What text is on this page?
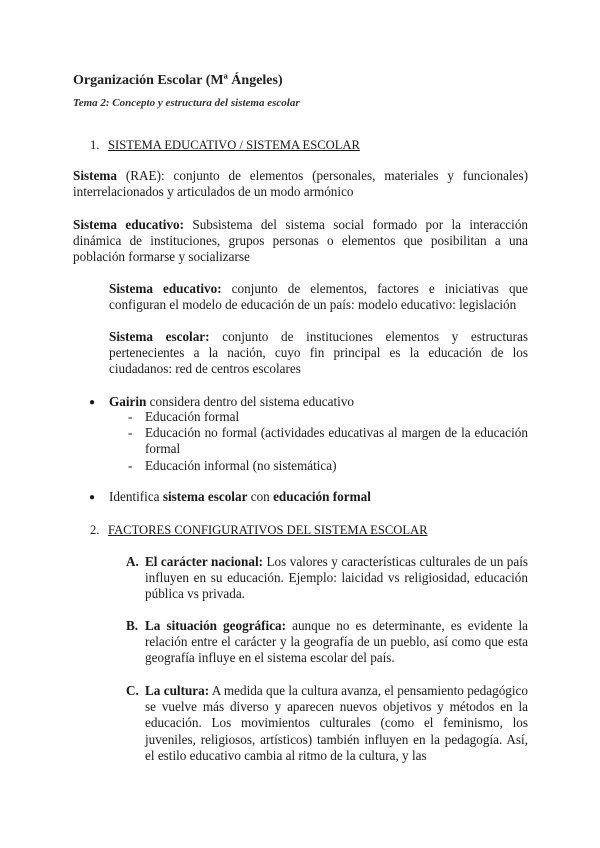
Organización Escolar (Mª Ángeles)
Tema 2: Concepto y estructura del sistema escolar
1. SISTEMA EDUCATIVO / SISTEMA ESCOLAR
Sistema (RAE): conjunto de elementos (personales, materiales y funcionales) interrelacionados y articulados de un modo armónico
Sistema educativo: Subsistema del sistema social formado por la interacción dinámica de instituciones, grupos personas o elementos que posibilitan a una población formarse y socializarse
Sistema educativo: conjunto de elementos, factores e iniciativas que configuran el modelo de educación de un país: modelo educativo: legislación
Sistema escolar: conjunto de instituciones elementos y estructuras pertenecientes a la nación, cuyo fin principal es la educación de los ciudadanos: red de centros escolares
● Gairin considera dentro del sistema educativo
- Educación formal
- Educación no formal (actividades educativas al margen de la educación formal
- Educación informal (no sistemática)
● Identifica sistema escolar con educación formal
2. FACTORES CONFIGURATIVOS DEL SISTEMA ESCOLAR
A. El carácter nacional: Los valores y características culturales de un país influyen en su educación. Ejemplo: laicidad vs religiosidad, educación pública vs privada.
B. La situación geográfica: aunque no es determinante, es evidente la relación entre el carácter y la geografía de un pueblo, así como que esta geografía influye en el sistema escolar del país.
C. La cultura: A medida que la cultura avanza, el pensamiento pedagógico se vuelve más diverso y aparecen nuevos objetivos y métodos en la educación. Los movimientos culturales (como el feminismo, los juveniles, religiosos, artísticos) también influyen en la pedagogía. Así, el estilo educativo cambia al ritmo de la cultura, y las
